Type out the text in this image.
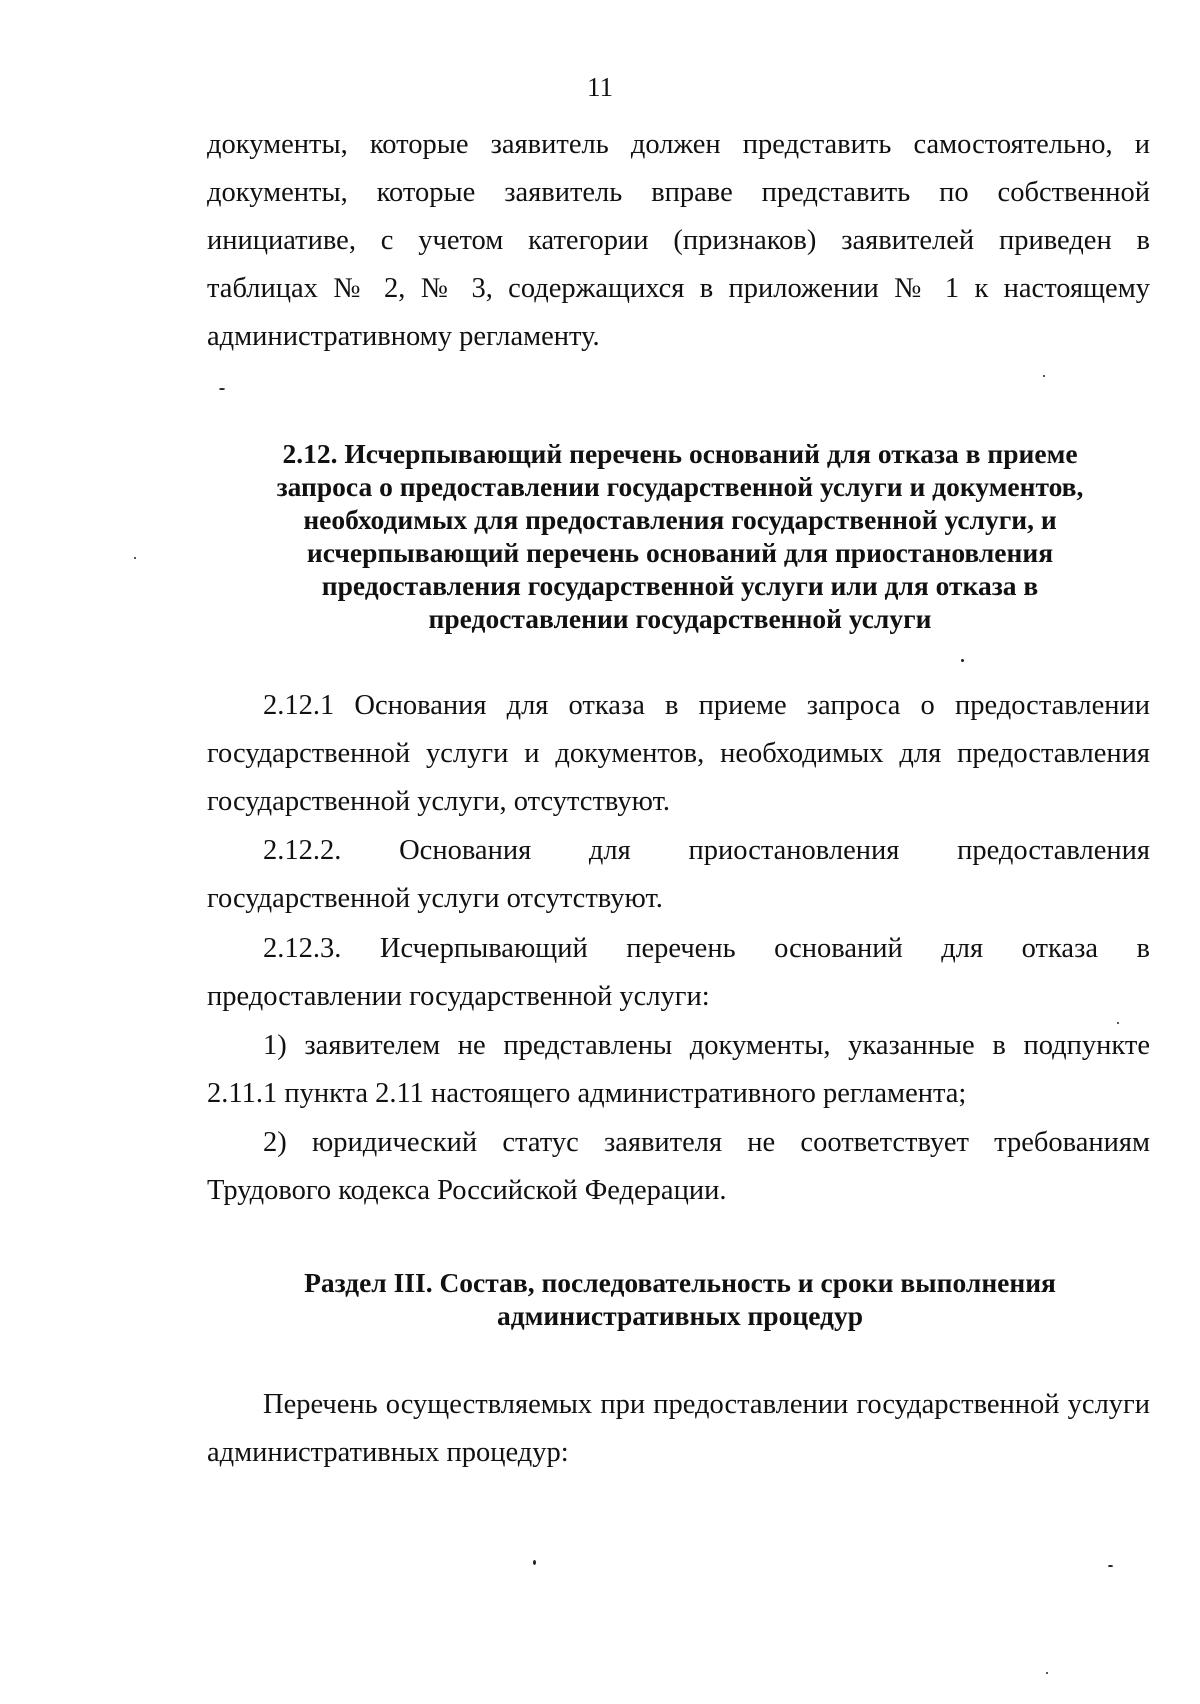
11
документы, которые заявитель должен представить самостоятельно, и
документы, которые заявитель вправе представить по собственной
инициативе, с учетом категории (признаков) заявителей приведен в
таблицах № 2, № 3, содержащихся в приложении № 1 к настоящему
административному регламенту.
2.12. Исчерпывающий перечень оснований для отказа в приеме
запроса о предоставлении государственной услуги и документов,
необходимых для предоставления государственной услуги, и
исчерпывающий перечень оснований для приостановления
предоставления государственной услуги или для отказа в
предоставлении государственной услуги
2.12.1 Основания для отказа в приеме запроса о предоставлении
государственной услуги и документов, необходимых для предоставления
государственной услуги, отсутствуют.
2.12.2. Основания для приостановления предоставления
государственной услуги отсутствуют.
2.12.3. Исчерпывающий перечень оснований для отказа в
предоставлении государственной услуги:
1) заявителем не представлены документы, указанные в подпункте
2.11.1 пункта 2.11 настоящего административного регламента;
2) юридический статус заявителя не соответствует требованиям
Трудового кодекса Российской Федерации.
Раздел III. Состав, последовательность и сроки выполнения
административных процедур
Перечень осуществляемых при предоставлении государственной услуги
административных процедур:
